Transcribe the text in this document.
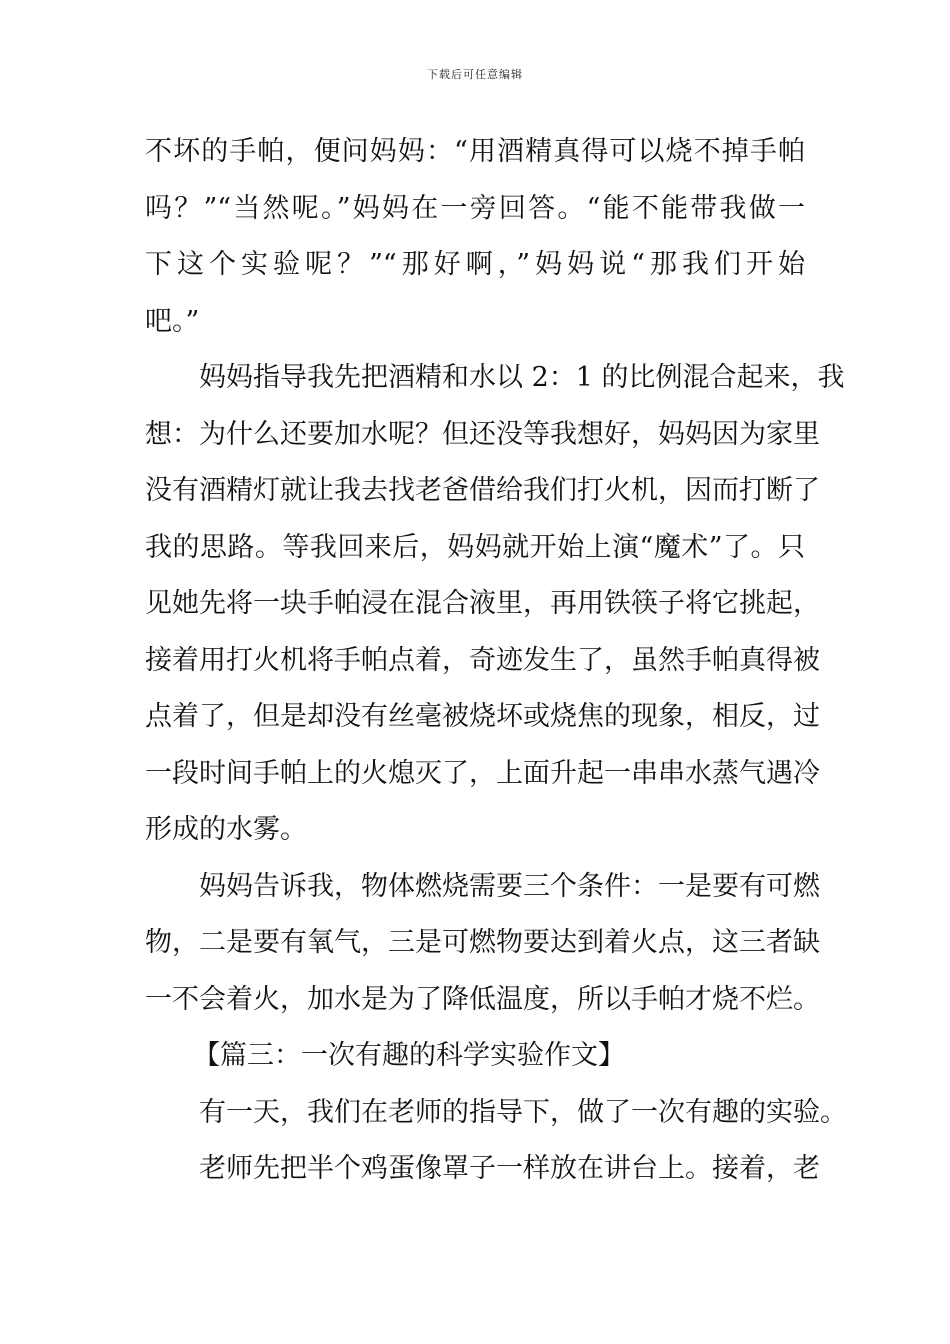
下载后可任意编辑
不坏的手帕，便问妈妈：“用酒精真得可以烧不掉手帕
吗？”“当然呢。”妈妈在一旁回答。“能不能带我做一
下这个实验呢？”“那好啊，”妈妈说“那我们开始
吧。”
妈妈指导我先把酒精和水以 2：1 的比例混合起来，我
想：为什么还要加水呢？但还没等我想好，妈妈因为家里
没有酒精灯就让我去找老爸借给我们打火机，因而打断了
我的思路。等我回来后，妈妈就开始上演“魔术”了。只
见她先将一块手帕浸在混合液里，再用铁筷子将它挑起，
接着用打火机将手帕点着，奇迹发生了，虽然手帕真得被
点着了，但是却没有丝毫被烧坏或烧焦的现象，相反，过
一段时间手帕上的火熄灭了，上面升起一串串水蒸气遇冷
形成的水雾。
妈妈告诉我，物体燃烧需要三个条件：一是要有可燃
物，二是要有氧气，三是可燃物要达到着火点，这三者缺
一不会着火，加水是为了降低温度，所以手帕才烧不烂。
【篇三：一次有趣的科学实验作文】
有一天，我们在老师的指导下，做了一次有趣的实验。
老师先把半个鸡蛋像罩子一样放在讲台上。接着，老
